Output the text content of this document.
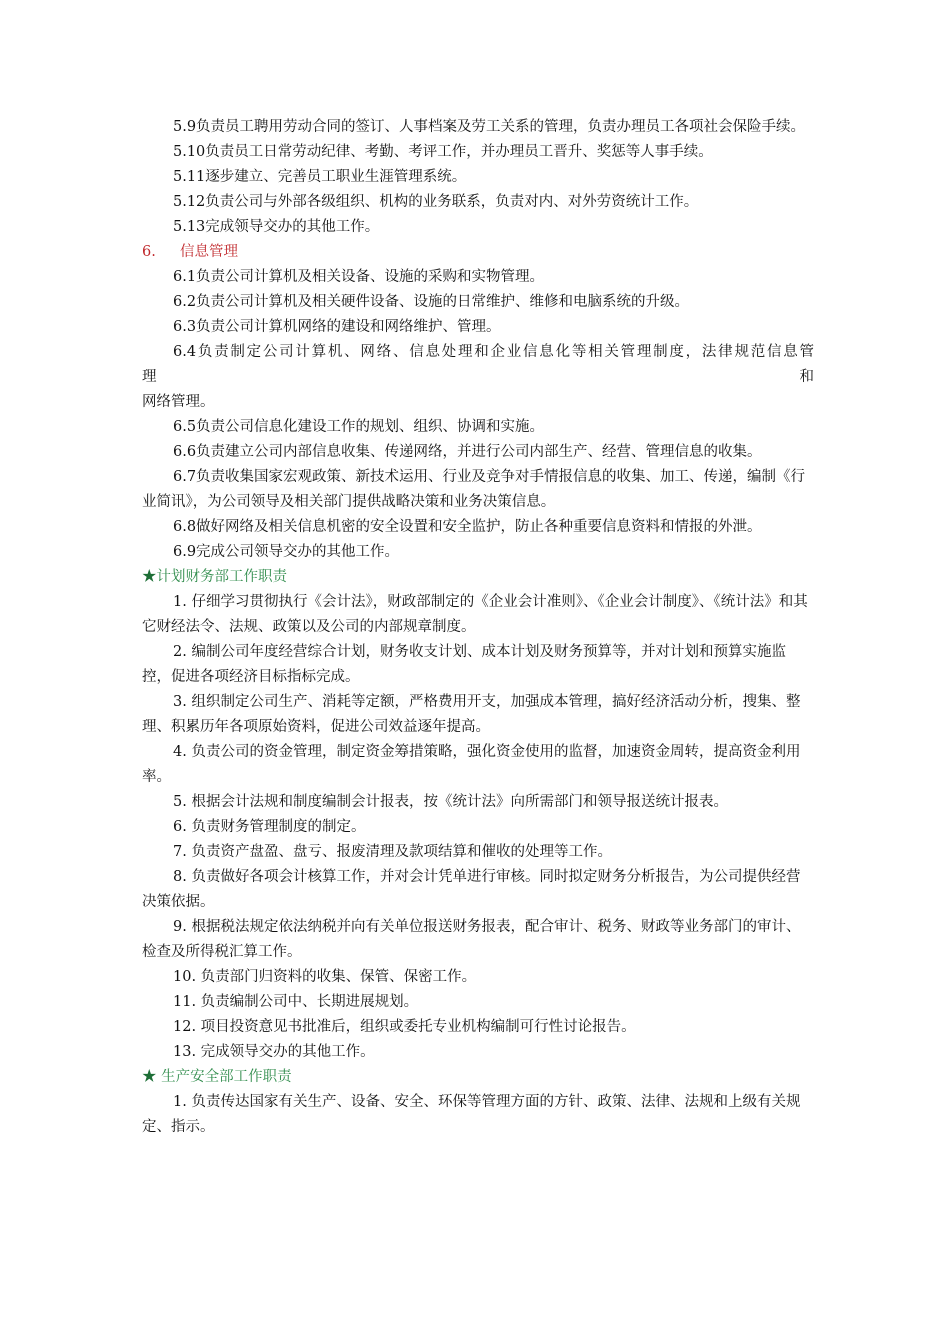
5.9负责员工聘用劳动合同的签订、人事档案及劳工关系的管理，负责办理员工各项社会保险手续。

5.10负责员工日常劳动纪律、考勤、考评工作，并办理员工晋升、奖惩等人事手续。

5.11逐步建立、完善员工职业生涯管理系统。

5.12负责公司与外部各级组织、机构的业务联系，负责对内、对外劳资统计工作。

5.13完成领导交办的其他工作。

6. 信息管理

6.1负责公司计算机及相关设备、设施的采购和实物管理。

6.2负责公司计算机及相关硬件设备、设施的日常维护、维修和电脑系统的升级。

6.3负责公司计算机网络的建设和网络维护、管理。

6.4负责制定公司计算机、网络、信息处理和企业信息化等相关管理制度，法律规范信息管

理	和

网络管理。

6.5负责公司信息化建设工作的规划、组织、协调和实施。

6.6负责建立公司内部信息收集、传递网络，并进行公司内部生产、经营、管理信息的收集。

6.7负责收集国家宏观政策、新技术运用、行业及竞争对手情报信息的收集、加工、传递，编制《行业简讯》，为公司领导及相关部门提供战略决策和业务决策信息。

6.8做好网络及相关信息机密的安全设置和安全监护，防止各种重要信息资料和情报的外泄。

6.9完成公司领导交办的其他工作。

★计划财务部工作职责

1. 仔细学习贯彻执行《会计法》，财政部制定的《企业会计准则》、《企业会计制度》、《统计法》和其它财经法令、法规、政策以及公司的内部规章制度。

2. 编制公司年度经营综合计划，财务收支计划、成本计划及财务预算等，并对计划和预算实施监控，促进各项经济目标指标完成。

3. 组织制定公司生产、消耗等定额，严格费用开支，加强成本管理，搞好经济活动分析，搜集、整理、积累历年各项原始资料，促进公司效益逐年提高。

4. 负责公司的资金管理，制定资金筹措策略，强化资金使用的监督，加速资金周转，提高资金利用率。

5. 根据会计法规和制度编制会计报表，按《统计法》向所需部门和领导报送统计报表。

6. 负责财务管理制度的制定。

7. 负责资产盘盈、盘亏、报废清理及款项结算和催收的处理等工作。

8. 负责做好各项会计核算工作，并对会计凭单进行审核。同时拟定财务分析报告，为公司提供经营决策依据。

9. 根据税法规定依法纳税并向有关单位报送财务报表，配合审计、税务、财政等业务部门的审计、检查及所得税汇算工作。

10. 负责部门归资料的收集、保管、保密工作。

11. 负责编制公司中、长期进展规划。

12. 项目投资意见书批准后，组织或委托专业机构编制可行性讨论报告。

13. 完成领导交办的其他工作。

★ 生产安全部工作职责

1. 负责传达国家有关生产、设备、安全、环保等管理方面的方针、政策、法律、法规和上级有关规定、指示。
